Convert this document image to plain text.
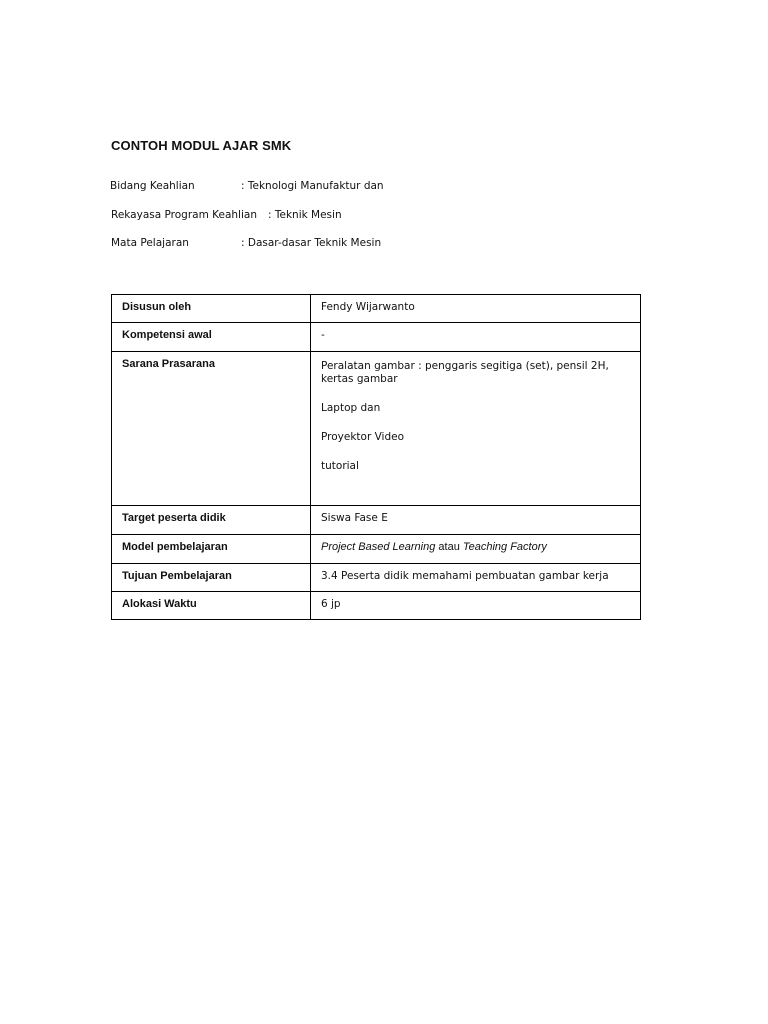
CONTOH MODUL AJAR SMK
Bidang Keahlian	: Teknologi Manufaktur dan
Rekayasa Program Keahlian : Teknik Mesin
Mata Pelajaran	: Dasar-dasar Teknik Mesin
Disusun oleh	Fendy Wijarwanto
Kompetensi awal	-
Sarana Prasarana	Peralatan gambar : penggaris segitiga (set), pensil 2H, kertas gambar
Laptop dan
Proyektor Video
tutorial

Target peserta didik	Siswa Fase E
Model pembelajaran	Project Based Learning atau Teaching Factory
Tujuan Pembelajaran	3.4 Peserta didik memahami pembuatan gambar kerja
Alokasi Waktu	6 jp
